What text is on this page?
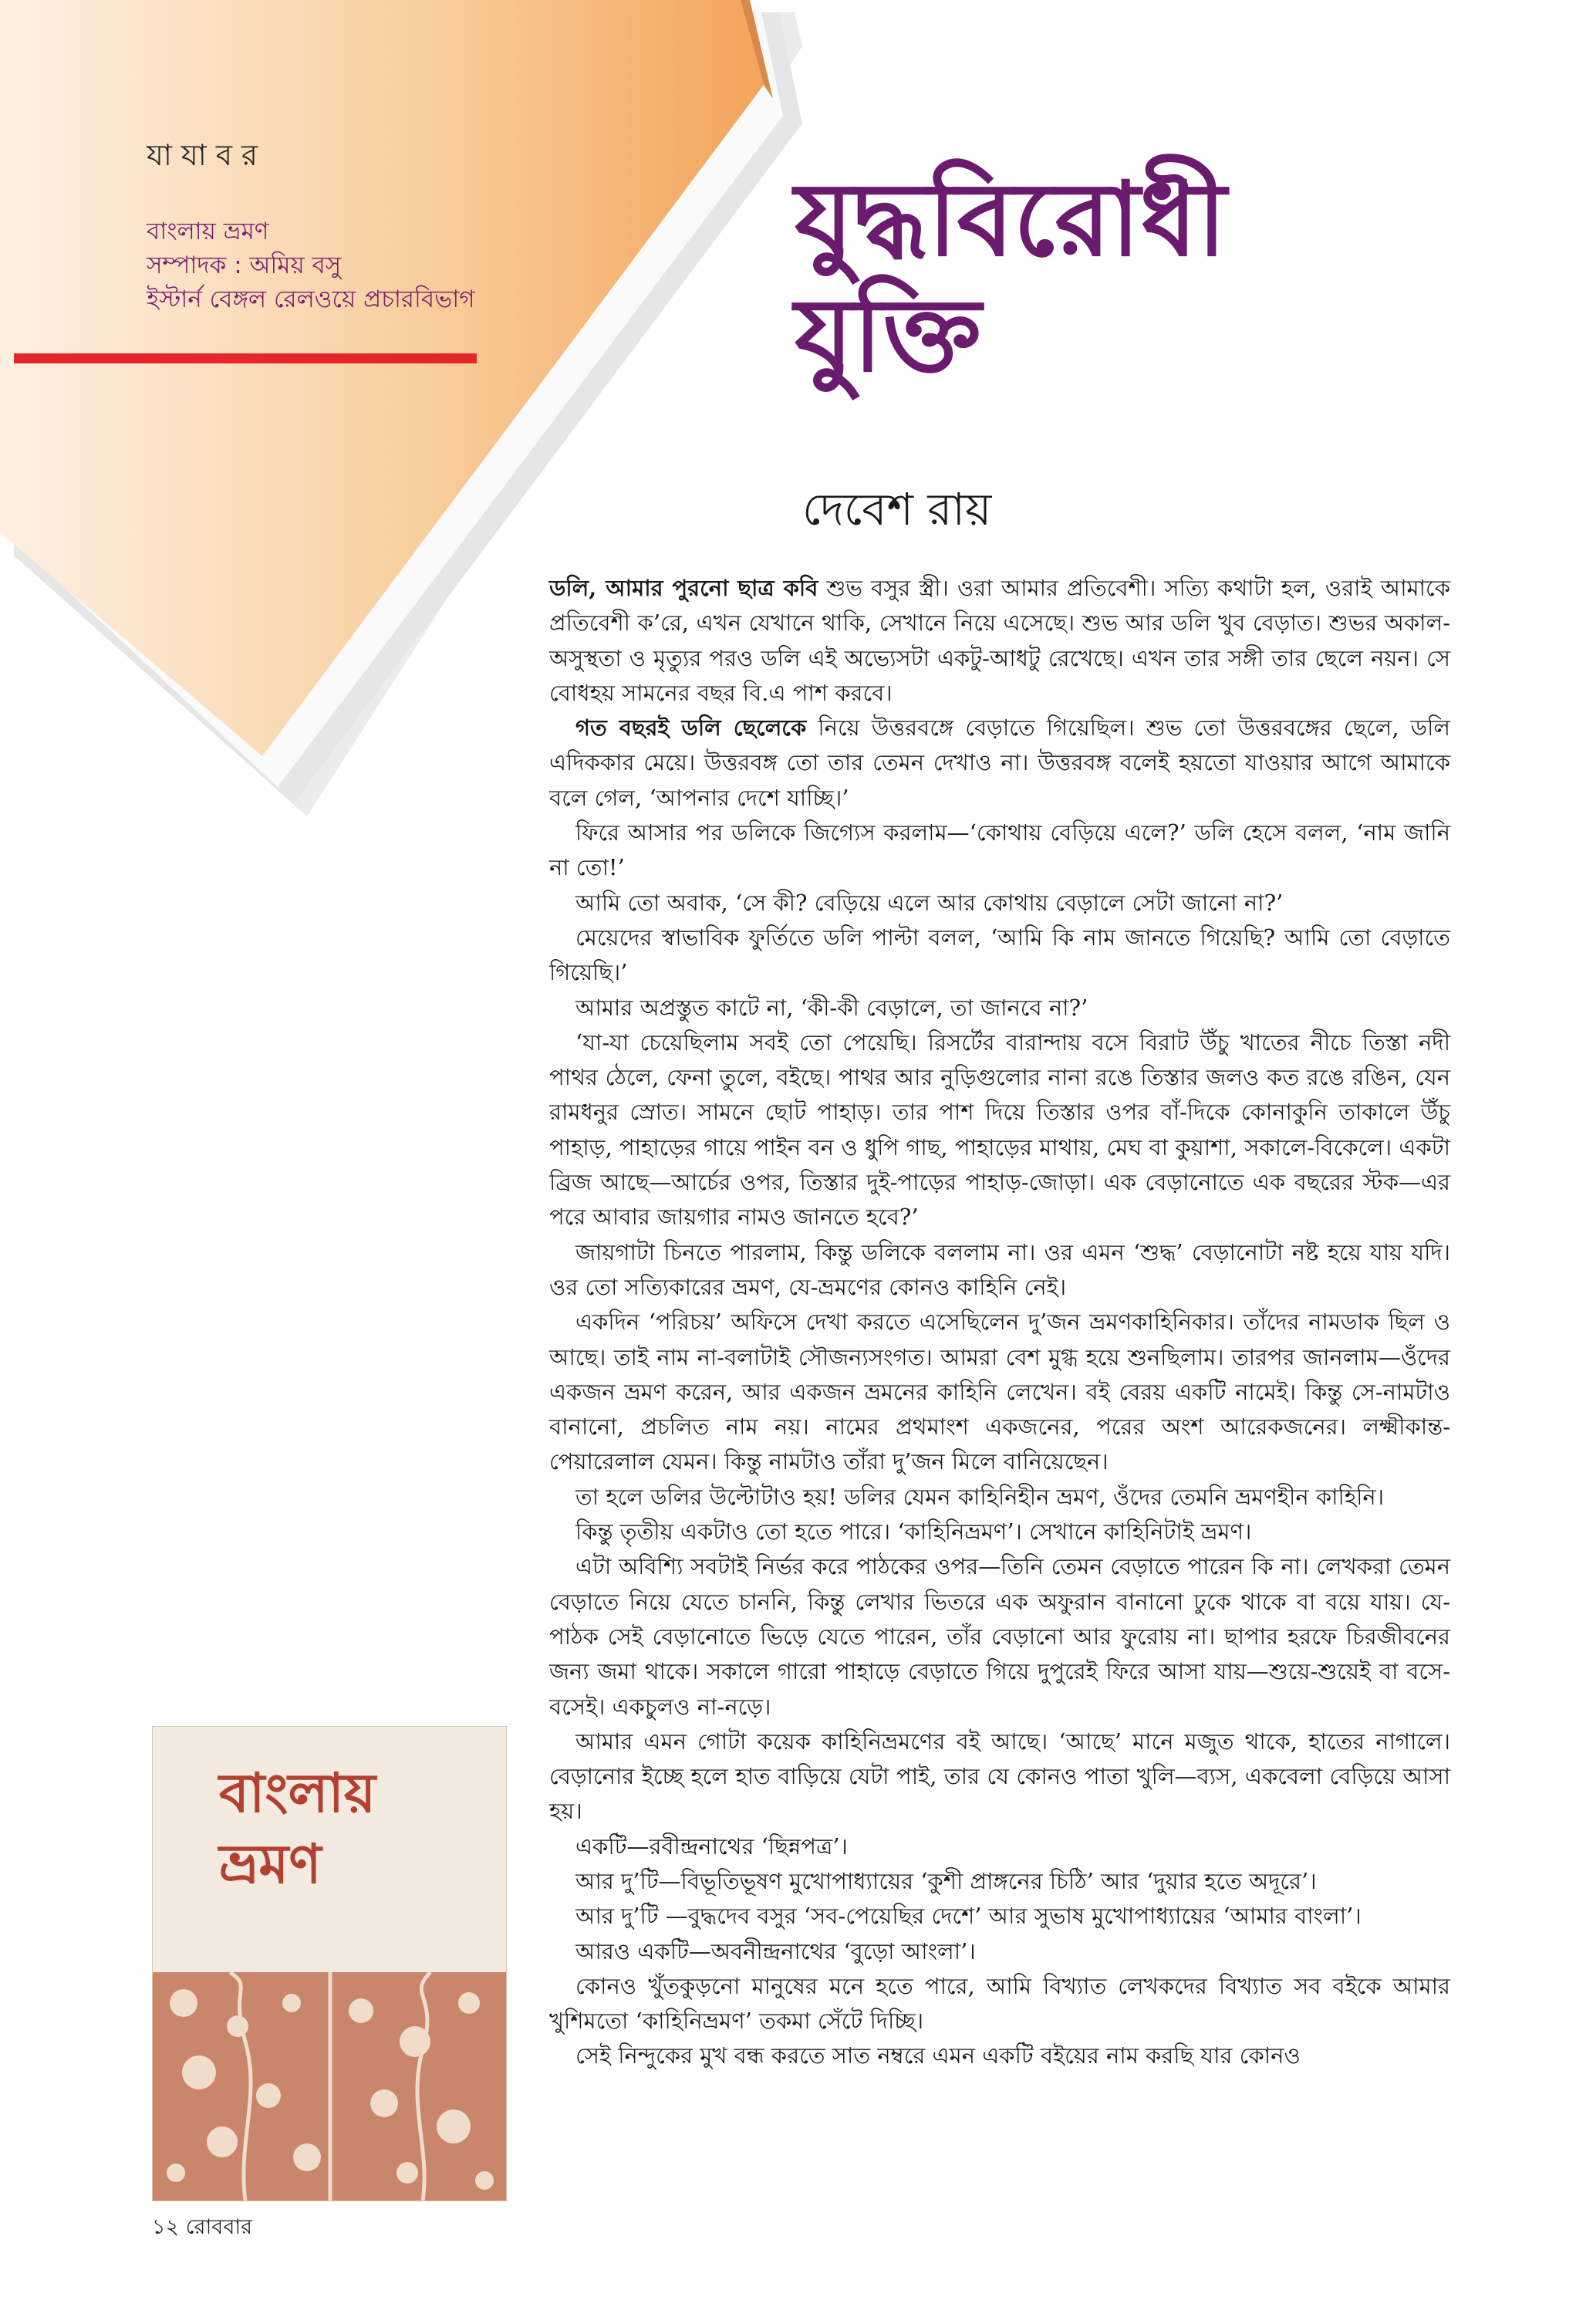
যাযাবর
বাংলায় ভ্রমণ
সম্পাদক : অমিয় বসু
ইস্টার্ন বেঙ্গল রেলওয়ে প্রচারবিভাগ
যুদ্ধবিরোধী
যুক্তি
দেবেশ রায়

ডলি, আমার পুরনো ছাত্র কবি শুভ বসুর স্ত্রী। ওরা আমার প্রতিবেশী। সত্যি কথাটা হল, ওরাই আমাকে প্রতিবেশী ক’রে, এখন যেখানে থাকি, সেখানে নিয়ে এসেছে। শুভ আর ডলি খুব বেড়াত। শুভর অকাল-অসুস্থতা ও মৃত্যুর পরও ডলি এই অভ্যেসটা একটু-আধটু রেখেছে। এখন তার সঙ্গী তার ছেলে নয়ন। সে বোধহয় সামনের বছর বি.এ পাশ করবে।

গত বছরই ডলি ছেলেকে নিয়ে উত্তরবঙ্গে বেড়াতে গিয়েছিল। শুভ তো উত্তরবঙ্গের ছেলে, ডলি এদিককার মেয়ে। উত্তরবঙ্গ তো তার তেমন দেখাও না। উত্তরবঙ্গ বলেই হয়তো যাওয়ার আগে আমাকে বলে গেল, ‘আপনার দেশে যাচ্ছি।’

ফিরে আসার পর ডলিকে জিগ্যেস করলাম—‘কোথায় বেড়িয়ে এলে?’ ডলি হেসে বলল, ‘নাম জানি না তো!’

আমি তো অবাক, ‘সে কী? বেড়িয়ে এলে আর কোথায় বেড়ালে সেটা জানো না?’

মেয়েদের স্বাভাবিক ফুর্তিতে ডলি পাল্টা বলল, ‘আমি কি নাম জানতে গিয়েছি? আমি তো বেড়াতে গিয়েছি।’

আমার অপ্রস্তুত কাটে না, ‘কী-কী বেড়ালে, তা জানবে না?’

‘যা-যা চেয়েছিলাম সবই তো পেয়েছি। রিসর্টের বারান্দায় বসে বিরাট উঁচু খাতের নীচে তিস্তা নদী পাথর ঠেলে, ফেনা তুলে, বইছে। পাথর আর নুড়িগুলোর নানা রঙে তিস্তার জলও কত রঙে রঙিন, যেন রামধনুর স্রোত। সামনে ছোট পাহাড়। তার পাশ দিয়ে তিস্তার ওপর বাঁ-দিকে কোনাকুনি তাকালে উঁচু পাহাড়, পাহাড়ের গায়ে পাইন বন ও ধুপি গাছ, পাহাড়ের মাথায়, মেঘ বা কুয়াশা, সকালে-বিকেলে। একটা ব্রিজ আছে—আর্চের ওপর, তিস্তার দুই-পাড়ের পাহাড়-জোড়া। এক বেড়ানোতে এক বছরের স্টক—এর পরে আবার জায়গার নামও জানতে হবে?’

জায়গাটা চিনতে পারলাম, কিন্তু ডলিকে বললাম না। ওর এমন ‘শুদ্ধ’ বেড়ানোটা নষ্ট হয়ে যায় যদি। ওর তো সত্যিকারের ভ্রমণ, যে-ভ্রমণের কোনও কাহিনি নেই।

একদিন ‘পরিচয়’ অফিসে দেখা করতে এসেছিলেন দু’জন ভ্রমণকাহিনিকার। তাঁদের নামডাক ছিল ও আছে। তাই নাম না-বলাটাই সৌজন্যসংগত। আমরা বেশ মুগ্ধ হয়ে শুনছিলাম। তারপর জানলাম—ওঁদের একজন ভ্রমণ করেন, আর একজন ভ্রমনের কাহিনি লেখেন। বই বেরয় একটি নামেই। কিন্তু সে-নামটাও বানানো, প্রচলিত নাম নয়। নামের প্রথমাংশ একজনের, পরের অংশ আরেকজনের। লক্ষ্মীকান্ত-পেয়ারেলাল যেমন। কিন্তু নামটাও তাঁরা দু’জন মিলে বানিয়েছেন।

তা হলে ডলির উল্টোটাও হয়! ডলির যেমন কাহিনিহীন ভ্রমণ, ওঁদের তেমনি ভ্রমণহীন কাহিনি।

কিন্তু তৃতীয় একটাও তো হতে পারে। ‘কাহিনিভ্রমণ’। সেখানে কাহিনিটাই ভ্রমণ।

এটা অবিশ্যি সবটাই নির্ভর করে পাঠকের ওপর—তিনি তেমন বেড়াতে পারেন কি না। লেখকরা তেমন বেড়াতে নিয়ে যেতে চাননি, কিন্তু লেখার ভিতরে এক অফুরান বানানো ঢুকে থাকে বা বয়ে যায়। যে-পাঠক সেই বেড়ানোতে ভিড়ে যেতে পারেন, তাঁর বেড়ানো আর ফুরোয় না। ছাপার হরফে চিরজীবনের জন্য জমা থাকে। সকালে গারো পাহাড়ে বেড়াতে গিয়ে দুপুরেই ফিরে আসা যায়—শুয়ে-শুয়েই বা বসে-বসেই। একচুলও না-নড়ে।

আমার এমন গোটা কয়েক কাহিনিভ্রমণের বই আছে। ‘আছে’ মানে মজুত থাকে, হাতের নাগালে। বেড়ানোর ইচ্ছে হলে হাত বাড়িয়ে যেটা পাই, তার যে কোনও পাতা খুলি—ব্যস, একবেলা বেড়িয়ে আসা হয়।

একটি—রবীন্দ্রনাথের ‘ছিন্নপত্র’।

আর দু’টি—বিভূতিভূষণ মুখোপাধ্যায়ের ‘কুশী প্রাঙ্গনের চিঠি’ আর ‘দুয়ার হতে অদূরে’।

আর দু’টি —বুদ্ধদেব বসুর ‘সব-পেয়েছির দেশে’ আর সুভাষ মুখোপাধ্যায়ের ‘আমার বাংলা’।

আরও একটি—অবনীন্দ্রনাথের ‘বুড়ো আংলা’।

কোনও খুঁতকুড়নো মানুষের মনে হতে পারে, আমি বিখ্যাত লেখকদের বিখ্যাত সব বইকে আমার খুশিমতো ‘কাহিনিভ্রমণ’ তকমা সেঁটে দিচ্ছি।

সেই নিন্দুকের মুখ বন্ধ করতে সাত নম্বরে এমন একটি বইয়ের নাম করছি যার কোনও

বাংলায়
ভ্রমণ
১২ রোববার
